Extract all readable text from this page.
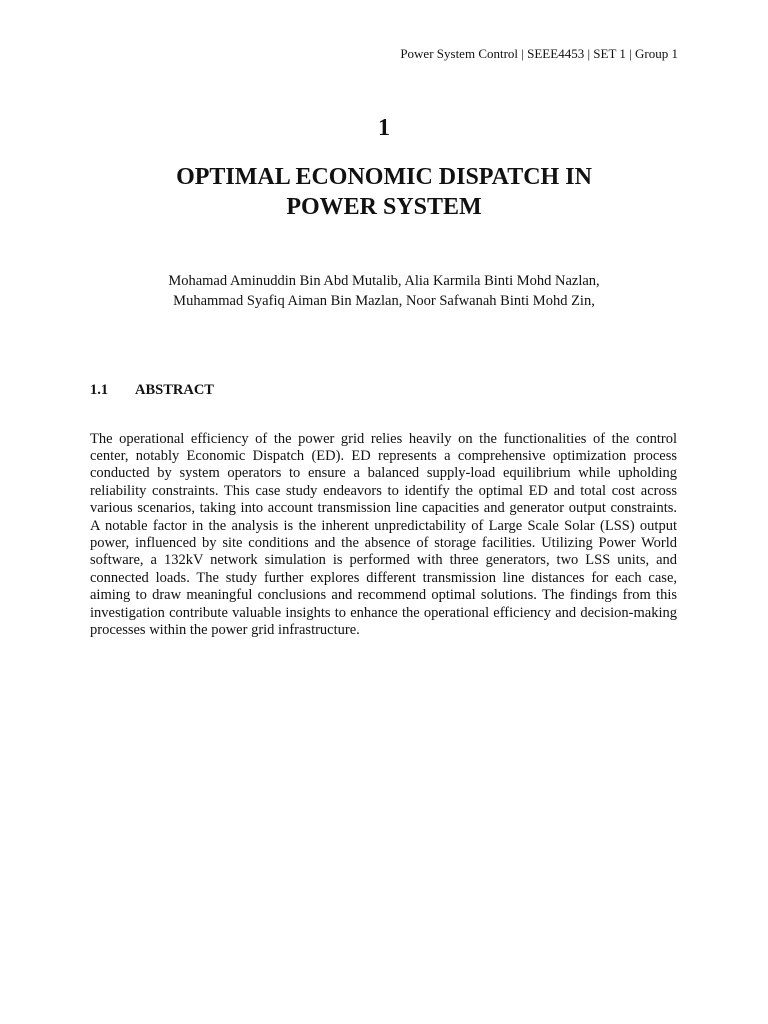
Power System Control | SEEE4453 | SET 1 | Group 1
1
OPTIMAL ECONOMIC DISPATCH IN
POWER SYSTEM
Mohamad Aminuddin Bin Abd Mutalib, Alia Karmila Binti Mohd Nazlan,
Muhammad Syafiq Aiman Bin Mazlan, Noor Safwanah Binti Mohd Zin,
1.1 ABSTRACT

The operational efficiency of the power grid relies heavily on the functionalities of the control center, notably Economic Dispatch (ED). ED represents a comprehensive optimization process conducted by system operators to ensure a balanced supply-load equilibrium while upholding reliability constraints. This case study endeavors to identify the optimal ED and total cost across various scenarios, taking into account transmission line capacities and generator output constraints. A notable factor in the analysis is the inherent unpredictability of Large Scale Solar (LSS) output power, influenced by site conditions and the absence of storage facilities. Utilizing Power World software, a 132kV network simulation is performed with three generators, two LSS units, and connected loads. The study further explores different transmission line distances for each case, aiming to draw meaningful conclusions and recommend optimal solutions. The findings from this investigation contribute valuable insights to enhance the operational efficiency and decision-making processes within the power grid infrastructure.
